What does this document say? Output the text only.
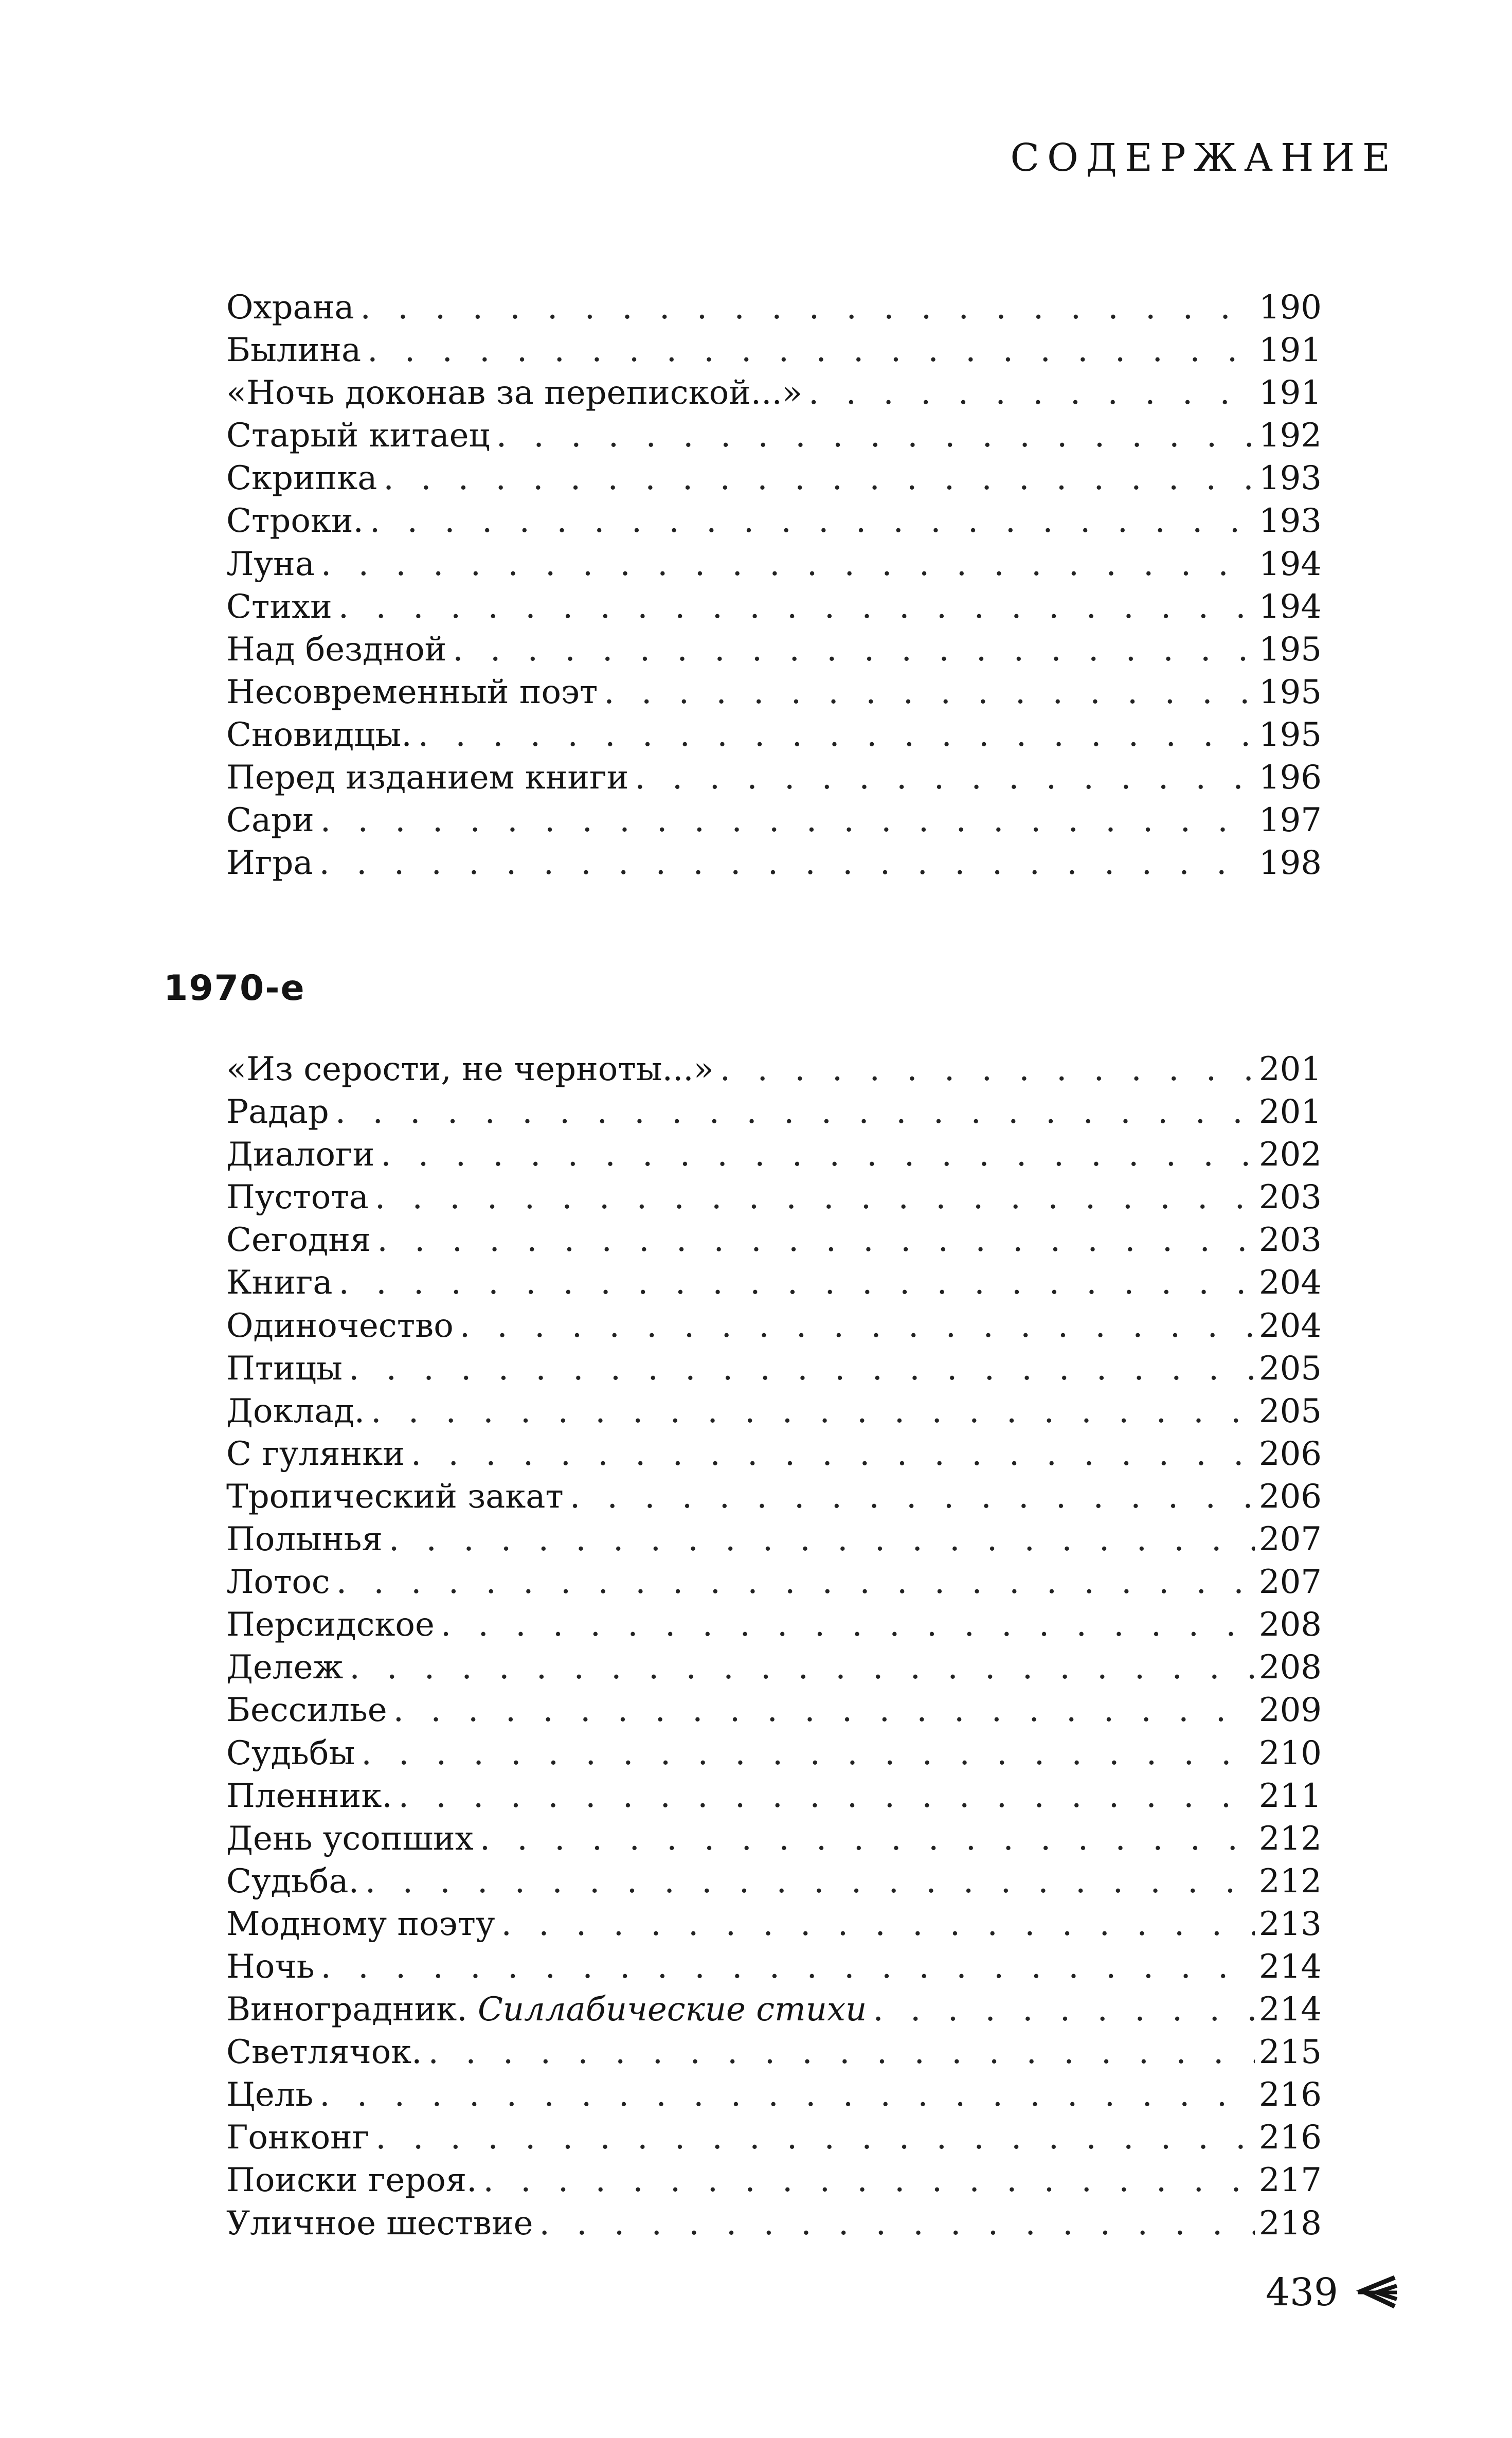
СОДЕРЖАНИЕ
Охрана . . .	190
Былина . . .	191
«Ночь доконав за перепиской...» . . .	191
Старый китаец . . .	192
Скрипка . . .	193
Строки. . . .	193
Луна . . .	194
Стихи . . .	194
Над бездной . . .	195
Несовременный поэт . . .	195
Сновидцы. . . .	195
Перед изданием книги . . .	196
Сари . . .	197
Игра . . .	198
1970-е
«Из серости, не черноты...» . . .	201
Радар . . .	201
Диалоги . . .	202
Пустота . . .	203
Сегодня . . .	203
Книга . . .	204
Одиночество . . .	204
Птицы . . .	205
Доклад. . . .	205
С гулянки . . .	206
Тропический закат . . .	206
Полынья . . .	207
Лотос . . .	207
Персидское . . .	208
Дележ . . .	208
Бессилье . . .	209
Судьбы . . .	210
Пленник. . . .	211
День усопших . . .	212
Судьба. . . .	212
Модному поэту . . .	213
Ночь . . .	214
Виноградник. Силлабические стихи . . .	214
Светлячок. . . .	215
Цель . . .	216
Гонконг . . .	216
Поиски героя. . . .	217
Уличное шествие . . .	218
439
